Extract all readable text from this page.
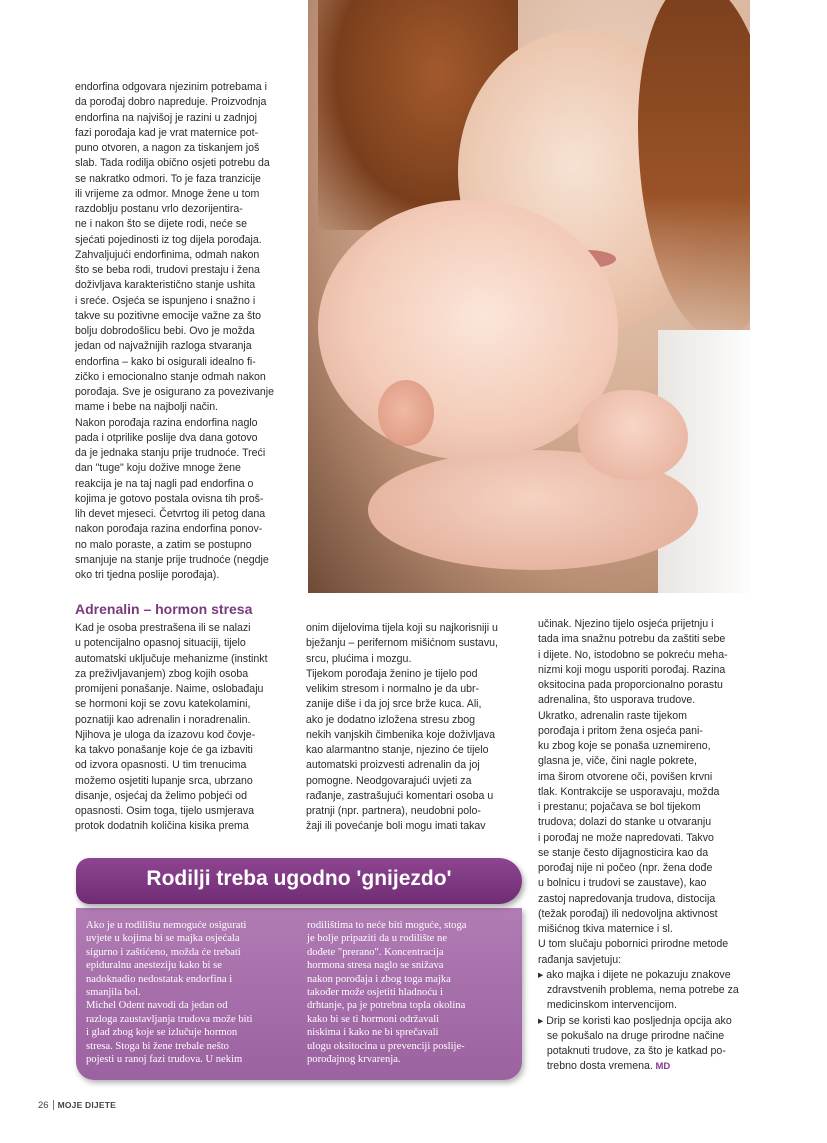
endorfina odgovara njezinim potrebama i
da porođaj dobro napreduje. Proizvodnja
endorfina na najvišoj je razini u zadnjoj
fazi porođaja kad je vrat maternice pot-
puno otvoren, a nagon za tiskanjem još
slab. Tada rodilja obično osjeti potrebu da
se nakratko odmori. To je faza tranzicije
ili vrijeme za odmor. Mnoge žene u tom
razdoblju postanu vrlo dezorijentira-
ne i nakon što se dijete rodi, neće se
sjećati pojedinosti iz tog dijela porođaja.
Zahvaljujući endorfinima, odmah nakon
što se beba rodi, trudovi prestaju i žena
doživljava karakteristično stanje ushita
i sreće. Osjeća se ispunjeno i snažno i
takve su pozitivne emocije važne za što
bolju dobrodošlicu bebi. Ovo je možda
jedan od najvažnijih razloga stvaranja
endorfina – kako bi osigurali idealno fi-
zičko i emocionalno stanje odmah nakon
porođaja. Sve je osigurano za povezivanje
mame i bebe na najbolji način.
Nakon porođaja razina endorfina naglo
pada i otprilike poslije dva dana gotovo
da je jednaka stanju prije trudnoće. Treći
dan "tuge" koju dožive mnoge žene
reakcija je na taj nagli pad endorfina o
kojima je gotovo postala ovisna tih proš-
lih devet mjeseci. Četvrtog ili petog dana
nakon porođaja razina endorfina ponov-
no malo poraste, a zatim se postupno
smanjuje na stanje prije trudnoće (negdje
oko tri tjedna poslije porođaja).
Adrenalin – hormon stresa
Kad je osoba prestrašena ili se nalazi
u potencijalno opasnoj situaciji, tijelo
automatski uključuje mehanizme (instinkt
za preživljavanjem) zbog kojih osoba
promijeni ponašanje. Naime, oslobađaju
se hormoni koji se zovu katekolamini,
poznatiji kao adrenalin i noradrenalin.
Njihova je uloga da izazovu kod čovje-
ka takvo ponašanje koje će ga izbaviti
od izvora opasnosti. U tim trenucima
možemo osjetiti lupanje srca, ubrzano
disanje, osjećaj da želimo pobjeći od
opasnosti. Osim toga, tijelo usmjerava
protok dodatnih količina kisika prema
onim dijelovima tijela koji su najkorisniji u
bježanju – perifernom mišićnom sustavu,
srcu, plućima i mozgu.
Tijekom porođaja ženino je tijelo pod
velikim stresom i normalno je da ubr-
zanije diše i da joj srce brže kuca. Ali,
ako je dodatno izložena stresu zbog
nekih vanjskih čimbenika koje doživljava
kao alarmantno stanje, njezino će tijelo
automatski proizvesti adrenalin da joj
pomogne. Neodgovarajući uvjeti za
rađanje, zastrašujući komentari osoba u
pratnji (npr. partnera), neudobni polo-
žaji ili povećanje boli mogu imati takav
učinak. Njezino tijelo osjeća prijetnju i
tada ima snažnu potrebu da zaštiti sebe
i dijete. No, istodobno se pokreću meha-
nizmi koji mogu usporiti porođaj. Razina
oksitocina pada proporcionalno porastu
adrenalina, što usporava trudove.
Ukratko, adrenalin raste tijekom
porođaja i pritom žena osjeća pani-
ku zbog koje se ponaša uznemireno,
glasna je, viče, čini nagle pokrete,
ima širom otvorene oči, povišen krvni
tlak. Kontrakcije se usporavaju, možda
i prestanu; pojačava se bol tijekom
trudova; dolazi do stanke u otvaranju
i porođaj ne može napredovati. Takvo
se stanje često dijagnosticira kao da
porođaj nije ni počeo (npr. žena dođe
u bolnicu i trudovi se zaustave), kao
zastoj napredovanja trudova, distocija
(težak porođaj) ili nedovoljna aktivnost
mišićnog tkiva maternice i sl.
U tom slučaju pobornici prirodne metode
rađanja savjetuju:
▸ ako majka i dijete ne pokazuju znakove
zdravstvenih problema, nema potrebe za
medicinskom intervencijom.
▸ Drip se koristi kao posljednja opcija ako
se pokušalo na druge prirodne načine
potaknuti trudove, za što je katkad po-
trebno dosta vremena. MD
Rodilji treba ugodno 'gnijezdo'
Ako je u rodilištu nemoguće osigurati
uvjete u kojima bi se majka osjećala
sigurno i zaštićeno, možda će trebati
epiduralnu anesteziju kako bi se
nadoknadio nedostatak endorfina i
smanjila bol.
Michel Odent navodi da jedan od
razloga zaustavljanja trudova može biti
i glad zbog koje se izlučuje hormon
stresa. Stoga bi žene trebale nešto
pojesti u ranoj fazi trudova. U nekim
rodilištima to neće biti moguće, stoga
je bolje pripaziti da u rodilište ne
dođete "prerano". Koncentracija
hormona stresa naglo se snižava
nakon porođaja i zbog toga majka
također može osjetiti hladnoću i
drhtanje, pa je potrebna topla okolina
kako bi se ti hormoni održavali
niskima i kako ne bi sprečavali
ulogu oksitocina u prevenciji poslije-
porođajnog krvarenja.
26 MOJE DIJETE
